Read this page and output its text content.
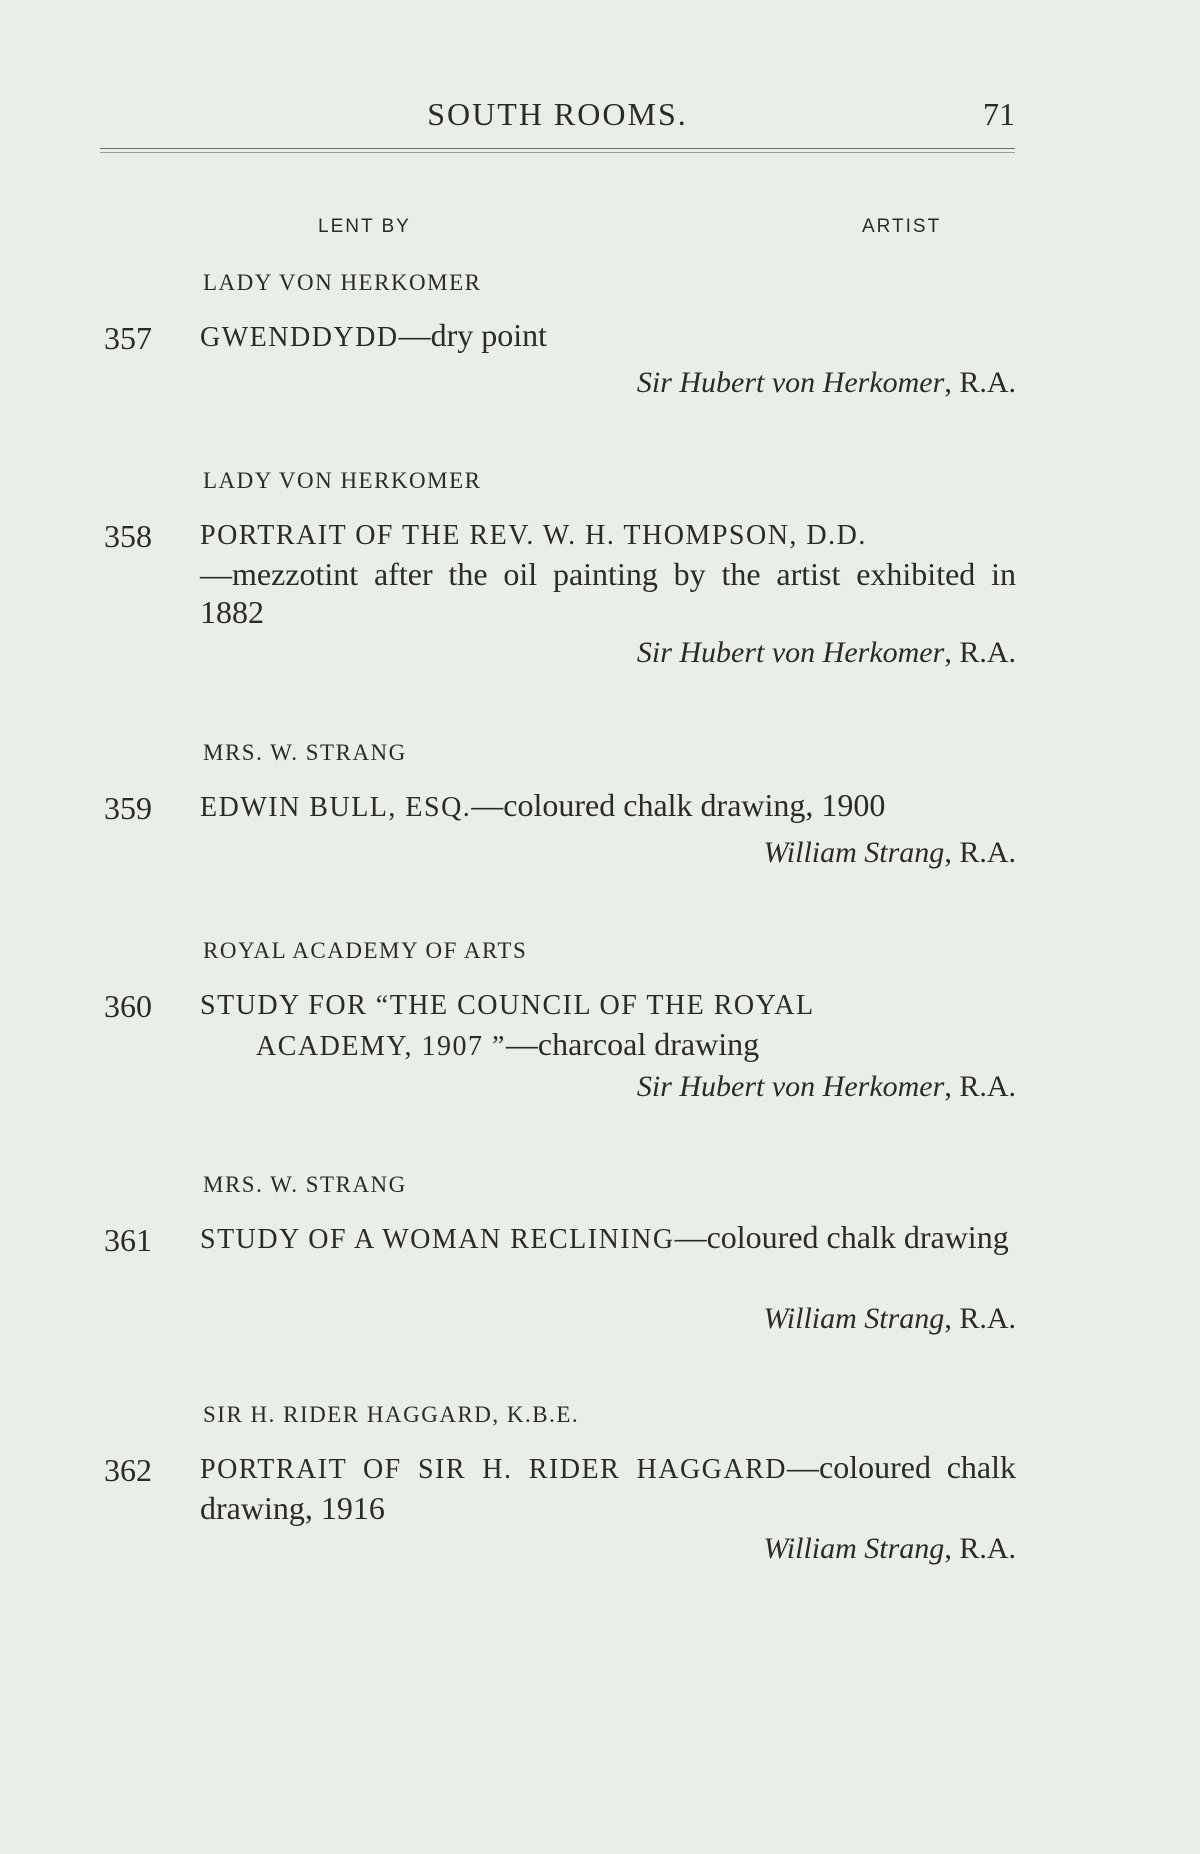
SOUTH ROOMS.	71
LENT BY	ARTIST
LADY VON HERKOMER
357 GWENDDYDD—dry point
Sir Hubert von Herkomer, R.A.
LADY VON HERKOMER
358 PORTRAIT OF THE REV. W. H. THOMPSON, D.D.
—mezzotint after the oil painting by the artist exhibited in 1882
Sir Hubert von Herkomer, R.A.
MRS. W. STRANG
359 EDWIN BULL, ESQ.—coloured chalk drawing, 1900
William Strang, R.A.
ROYAL ACADEMY OF ARTS
360 STUDY FOR “THE COUNCIL OF THE ROYAL
ACADEMY, 1907 ”—charcoal drawing
Sir Hubert von Herkomer, R.A.
MRS. W. STRANG
361 STUDY OF A WOMAN RECLINING—coloured chalk drawing
William Strang, R.A.
SIR H. RIDER HAGGARD, K.B.E.
362 PORTRAIT OF SIR H. RIDER HAGGARD—coloured chalk drawing, 1916
William Strang, R.A.
